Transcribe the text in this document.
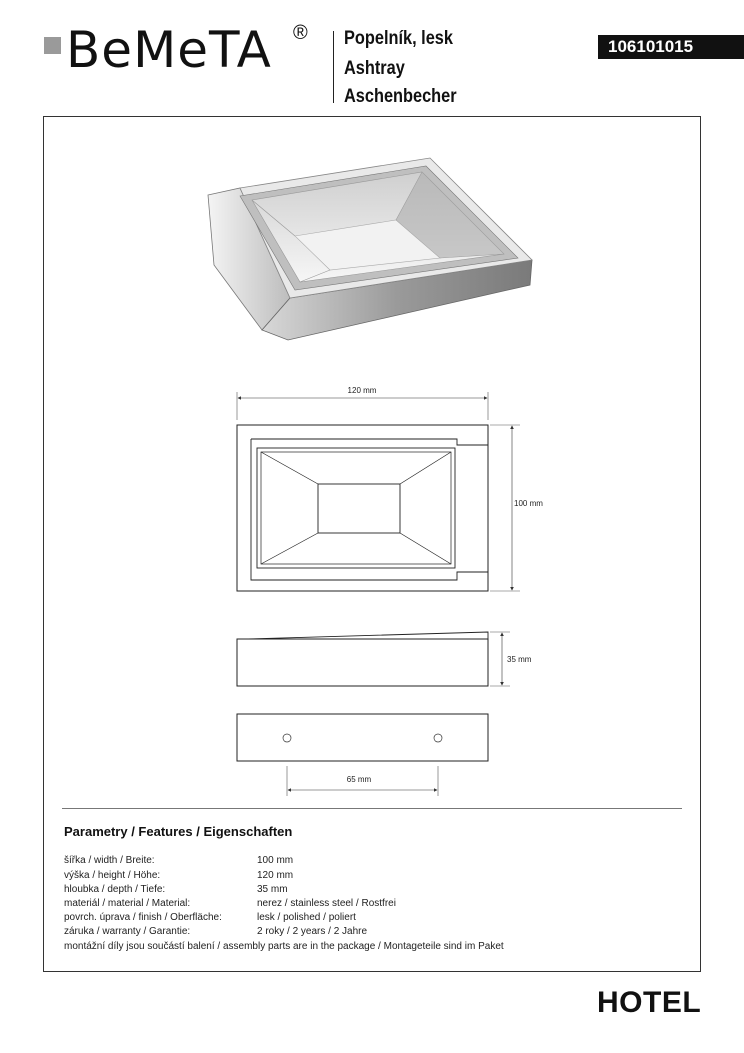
BeMeTA ® Popelník, lesk
Ashtray
Aschenbecher
106101015
120 mm
100 mm
35 mm
65 mm
Parametry / Features / Eigenschaften
šířka / width / Breite:	100 mm
výška / height / Höhe:	120 mm
hloubka / depth / Tiefe:	35 mm
materiál / material / Material:	nerez / stainless steel / Rostfrei
povrch. úprava / finish / Oberfläche:	lesk / polished / poliert
záruka / warranty / Garantie:	2 roky / 2 years / 2 Jahre
montážní díly jsou součástí balení / assembly parts are in the package / Montageteile sind im Paket
HOTEL
